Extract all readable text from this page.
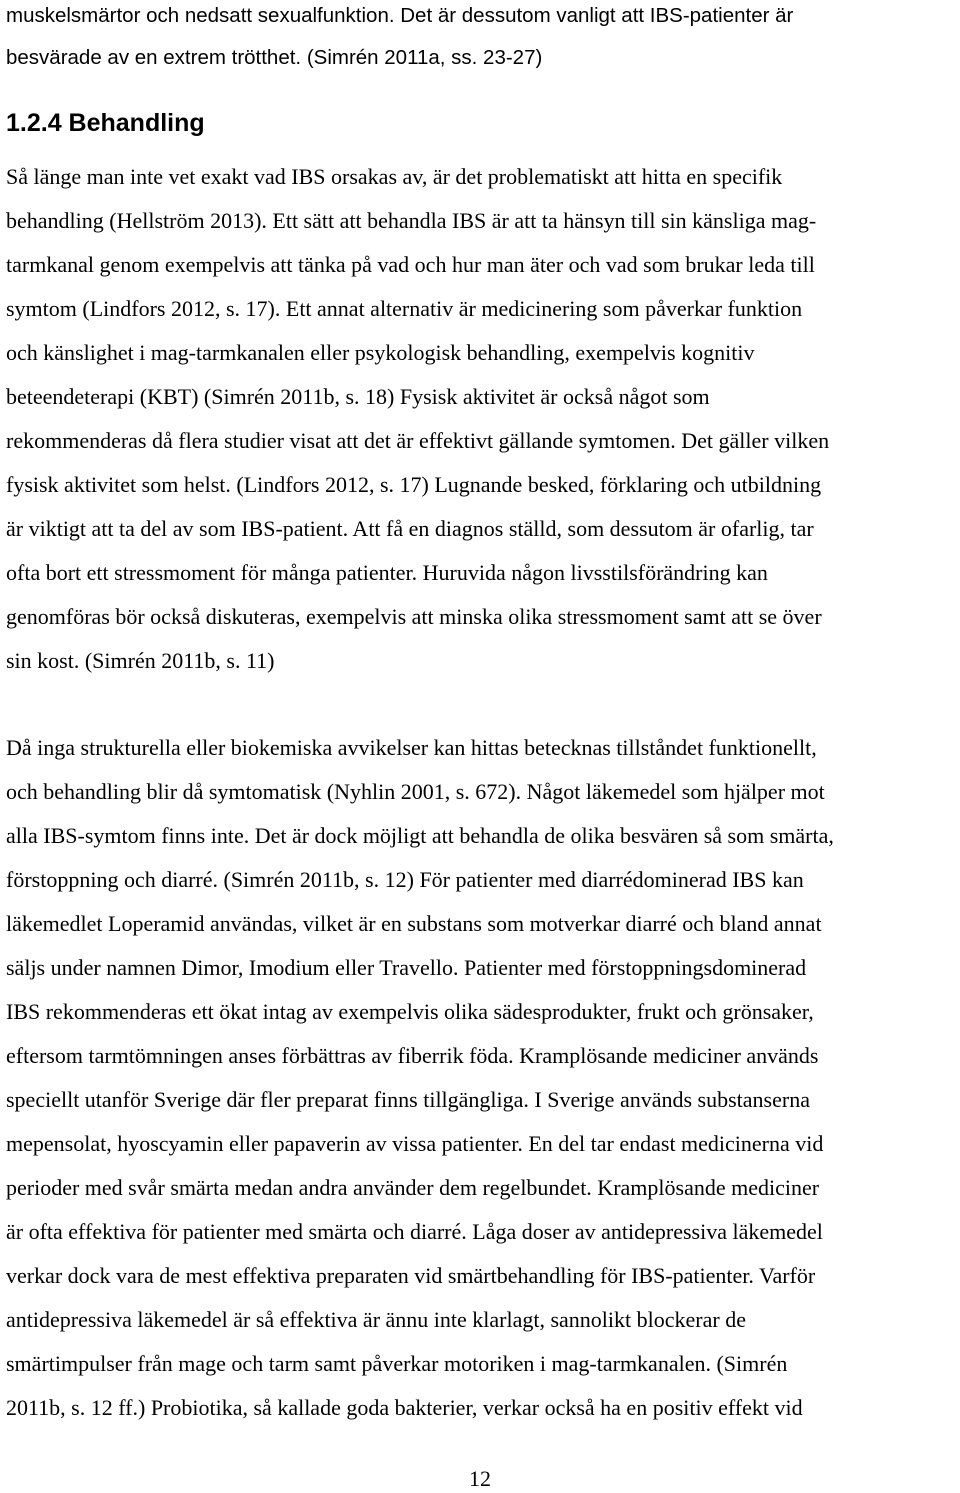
muskelsmärtor och nedsatt sexualfunktion. Det är dessutom vanligt att IBS-patienter är
besvärade av en extrem trötthet. (Simrén 2011a, ss. 23-27)
1.2.4 Behandling
Så länge man inte vet exakt vad IBS orsakas av, är det problematiskt att hitta en specifik
behandling (Hellström 2013). Ett sätt att behandla IBS är att ta hänsyn till sin känsliga mag-
tarmkanal genom exempelvis att tänka på vad och hur man äter och vad som brukar leda till
symtom (Lindfors 2012, s. 17). Ett annat alternativ är medicinering som påverkar funktion
och känslighet i mag-tarmkanalen eller psykologisk behandling, exempelvis kognitiv
beteendeterapi (KBT) (Simrén 2011b, s. 18) Fysisk aktivitet är också något som
rekommenderas då flera studier visat att det är effektivt gällande symtomen. Det gäller vilken
fysisk aktivitet som helst. (Lindfors 2012, s. 17) Lugnande besked, förklaring och utbildning
är viktigt att ta del av som IBS-patient. Att få en diagnos ställd, som dessutom är ofarlig, tar
ofta bort ett stressmoment för många patienter. Huruvida någon livsstilsförändring kan
genomföras bör också diskuteras, exempelvis att minska olika stressmoment samt att se över
sin kost. (Simrén 2011b, s. 11)
Då inga strukturella eller biokemiska avvikelser kan hittas betecknas tillståndet funktionellt,
och behandling blir då symtomatisk (Nyhlin 2001, s. 672). Något läkemedel som hjälper mot
alla IBS-symtom finns inte. Det är dock möjligt att behandla de olika besvären så som smärta,
förstoppning och diarré. (Simrén 2011b, s. 12) För patienter med diarrédominerad IBS kan
läkemedlet Loperamid användas, vilket är en substans som motverkar diarré och bland annat
säljs under namnen Dimor, Imodium eller Travello. Patienter med förstoppningsdominerad
IBS rekommenderas ett ökat intag av exempelvis olika sädesprodukter, frukt och grönsaker,
eftersom tarmtömningen anses förbättras av fiberrik föda. Kramplösande mediciner används
speciellt utanför Sverige där fler preparat finns tillgängliga. I Sverige används substanserna
mepensolat, hyoscyamin eller papaverin av vissa patienter. En del tar endast medicinerna vid
perioder med svår smärta medan andra använder dem regelbundet. Kramplösande mediciner
är ofta effektiva för patienter med smärta och diarré. Låga doser av antidepressiva läkemedel
verkar dock vara de mest effektiva preparaten vid smärtbehandling för IBS-patienter. Varför
antidepressiva läkemedel är så effektiva är ännu inte klarlagt, sannolikt blockerar de
smärtimpulser från mage och tarm samt påverkar motoriken i mag-tarmkanalen. (Simrén
2011b, s. 12 ff.) Probiotika, så kallade goda bakterier, verkar också ha en positiv effekt vid
12
